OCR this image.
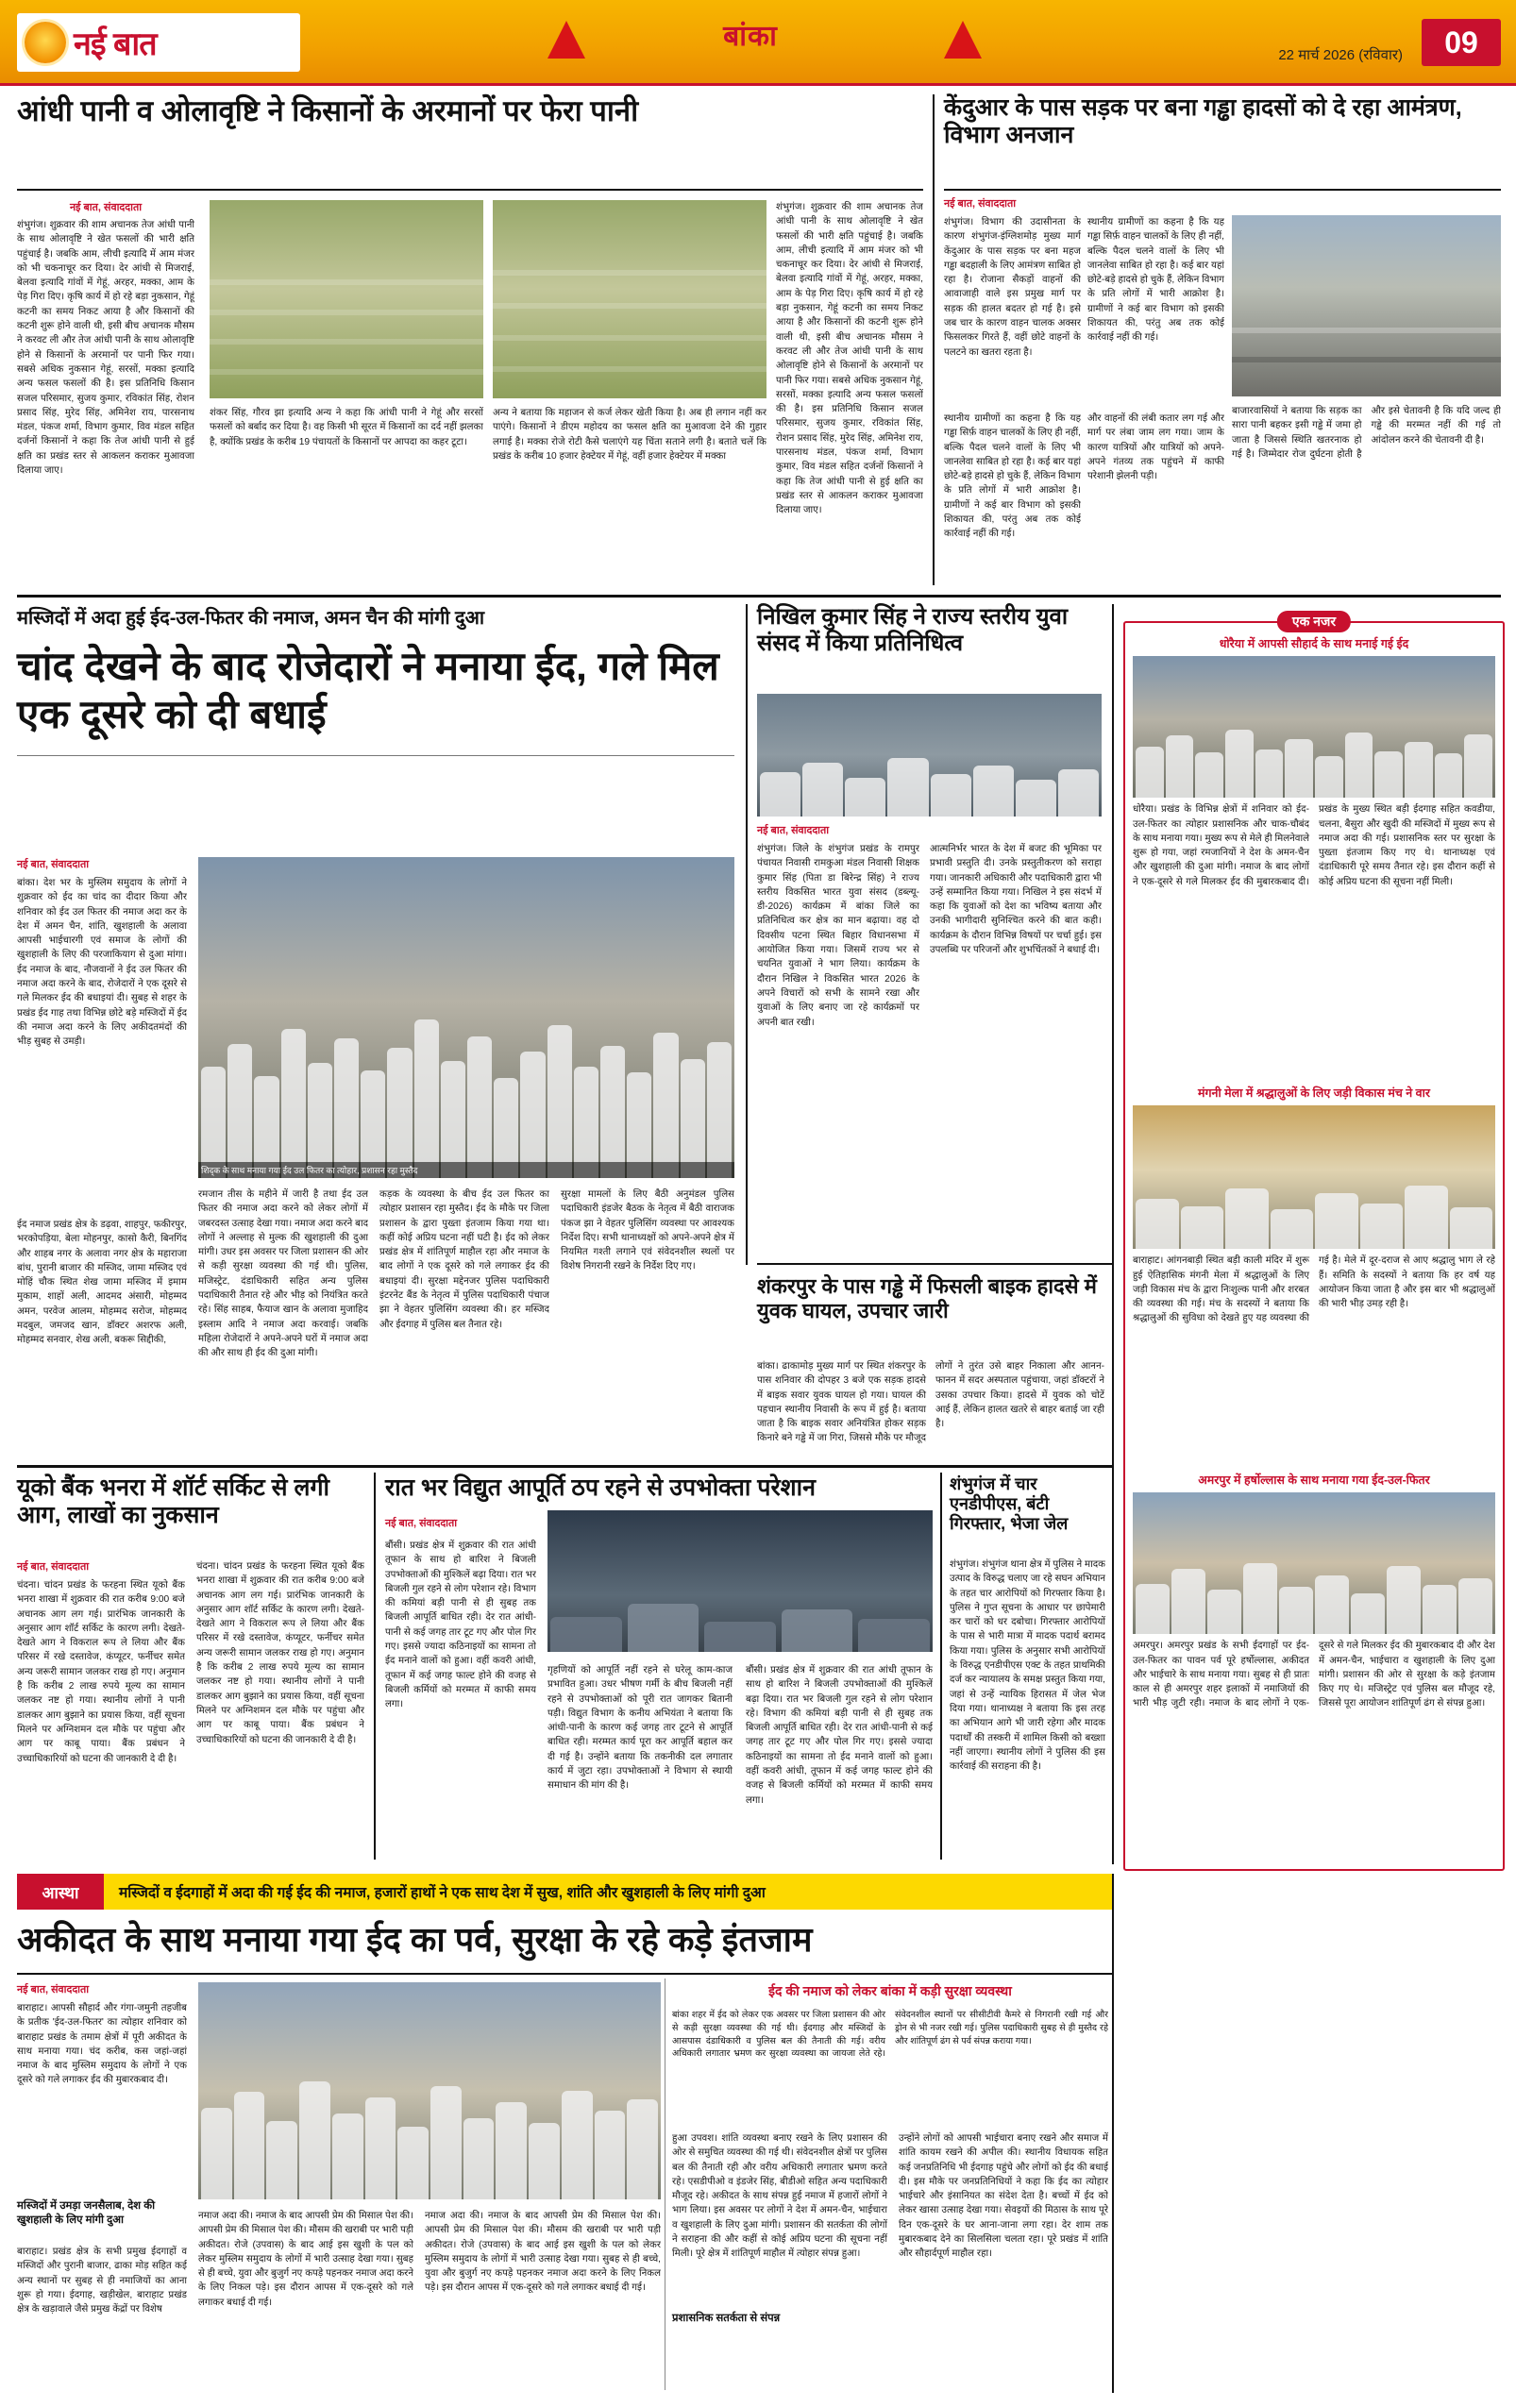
नई बात	बांका
22 मार्च 2026 (रविवार)	09
आंधी पानी व ओलावृष्टि ने किसानों के अरमानों पर फेरा पानी
नई बात, संवाददाता
शंभुगंज। शुक्रवार की शाम अचानक तेज आंधी पानी के साथ ओलावृष्टि ने खेत फसलों की भारी क्षति पहुंचाई है। जबकि आम, लीची इत्यादि में आम मंजर को भी चकनाचूर कर दिया। देर आंधी से मिजराई, बेलवा इत्यादि गांवों में गेहूं, अरहर, मक्का, आम के पेड़ गिरा दिए। कृषि कार्य में हो रहे बड़ा नुकसान, गेहूं कटनी का समय निकट आया है और किसानों की कटनी शुरू होने वाली थी, इसी बीच अचानक मौसम ने करवट ली और तेज आंधी पानी के साथ ओलावृष्टि होने से किसानों के अरमानों पर पानी फिर गया। सबसे अधिक नुकसान गेहूं, सरसों, मक्का इत्यादि अन्य फसल फसलों की है। इस प्रतिनिधि किसान सजल परिसमार, सुजय कुमार, रविकांत सिंह, रोशन प्रसाद सिंह, मुरेद सिंह, अमिनेश राय, पारसनाथ मंडल, पंकज शर्मा, विभाग कुमार, विव मंडल सहित दर्जनों किसानों ने कहा कि तेज आंधी पानी से हुई क्षति का प्रखंड स्तर से आकलन कराकर मुआवजा दिलाया जाए।
शंकर सिंह, गौरव झा इत्यादि अन्य ने कहा कि आंधी पानी ने गेहूं और सरसों फसलों को बर्बाद कर दिया है। वह किसी भी सूरत में किसानों का दर्द नहीं झलका है, क्योंकि प्रखंड के करीब 19 पंचायतों के किसानों पर आपदा का कहर टूटा।
अन्य ने बताया कि महाजन से कर्ज लेकर खेती किया है। अब ही लगान नहीं कर पाएंगे। किसानों ने डीएम महोदय का फसल क्षति का मुआवजा देने की गुहार लगाई है। मक्का रोजे रोटी कैसे चलाएंगे यह चिंता सताने लगी है। बताते चलें कि प्रखंड के करीब 10 हजार हेक्टेयर में गेहूं, वहीं हजार हेक्टेयर में मक्का
शंभुगंज। शुक्रवार की शाम अचानक तेज आंधी पानी के साथ ओलावृष्टि ने खेत फसलों की भारी क्षति पहुंचाई है। जबकि आम, लीची इत्यादि में आम मंजर को भी चकनाचूर कर दिया। देर आंधी से मिजराई, बेलवा इत्यादि गांवों में गेहूं, अरहर, मक्का, आम के पेड़ गिरा दिए। कृषि कार्य में हो रहे बड़ा नुकसान, गेहूं कटनी का समय निकट आया है और किसानों की कटनी शुरू होने वाली थी, इसी बीच अचानक मौसम ने करवट ली और तेज आंधी पानी के साथ ओलावृष्टि होने से किसानों के अरमानों पर पानी फिर गया। सबसे अधिक नुकसान गेहूं, सरसों, मक्का इत्यादि अन्य फसल फसलों की है। इस प्रतिनिधि किसान सजल परिसमार, सुजय कुमार, रविकांत सिंह, रोशन प्रसाद सिंह, मुरेद सिंह, अमिनेश राय, पारसनाथ मंडल, पंकज शर्मा, विभाग कुमार, विव मंडल सहित दर्जनों किसानों ने कहा कि तेज आंधी पानी से हुई क्षति का प्रखंड स्तर से आकलन कराकर मुआवजा दिलाया जाए।
केंदुआर के पास सड़क पर बना गड्ढा हादसों को दे रहा आमंत्रण, विभाग अनजान
नई बात, संवाददाता
शंभुगंज। विभाग की उदासीनता के कारण शंभुगंज-इंग्लिशमोड़ मुख्य मार्ग केंदुआर के पास सड़क पर बना महज गड्ढा बदहाली के लिए आमंत्रण साबित हो रहा है। रोजाना सैकड़ों वाहनों की आवाजाही वाले इस प्रमुख मार्ग पर सड़क की हालत बदतर हो गई है। इसे जब चार के कारण वाहन चालक अक्सर फिसलकर गिरते हैं, वहीं छोटे वाहनों के पलटने का खतरा रहता है।
स्थानीय ग्रामीणों का कहना है कि यह गड्ढा सिर्फ़ वाहन चालकों के लिए ही नहीं, बल्कि पैदल चलने वालों के लिए भी जानलेवा साबित हो रहा है। कई बार यहां छोटे-बड़े हादसे हो चुके हैं, लेकिन विभाग के प्रति लोगों में भारी आक्रोश है। ग्रामीणों ने कई बार विभाग को इसकी शिकायत की, परंतु अब तक कोई कार्रवाई नहीं की गई।
स्थानीय ग्रामीणों का कहना है कि यह गड्ढा सिर्फ़ वाहन चालकों के लिए ही नहीं, बल्कि पैदल चलने वालों के लिए भी जानलेवा साबित हो रहा है। कई बार यहां छोटे-बड़े हादसे हो चुके हैं, लेकिन विभाग के प्रति लोगों में भारी आक्रोश है। ग्रामीणों ने कई बार विभाग को इसकी शिकायत की, परंतु अब तक कोई कार्रवाई नहीं की गई।
और वाहनों की लंबी कतार लग गई और मार्ग पर लंबा जाम लग गया। जाम के कारण यात्रियों और यात्रियों को अपने-अपने गंतव्य तक पहुंचने में काफी परेशानी झेलनी पड़ी।
बाजारवासियों ने बताया कि सड़क का सारा पानी बहकर इसी गड्ढे में जमा हो जाता है जिससे स्थिति खतरनाक हो गई है। जिम्मेदार रोज दुर्घटना होती है और इसे चेतावनी है कि यदि जल्द ही गड्ढे की मरम्मत नहीं की गई तो आंदोलन करने की चेतावनी दी है।
मस्जिदों में अदा हुई ईद-उल-फितर की नमाज, अमन चैन की मांगी दुआ
चांद देखने के बाद रोजेदारों ने मनाया ईद, गले मिल एक दूसरे को दी बधाई
नई बात, संवाददाता
बांका। देश भर के मुस्लिम समुदाय के लोगों ने शुक्रवार को ईद का चांद का दीदार किया और शनिवार को ईद उल फितर की नमाज अदा कर के देश में अमन चैन, शांति, खुशहाली के अलावा आपसी भाईचारगी एवं समाज के लोगों की खुशहाली के लिए की परजाकियाग से दुआ मांगा। ईद नमाज के बाद, नौजवानों ने ईद उल फितर की नमाज अदा करने के बाद, रोजेदारों ने एक दूसरे से गले मिलकर ईद की बधाइयां दी। सुबह से शहर के प्रखंड ईद गाह तथा विभिन्न छोटे बड़े मस्जिदों में ईद की नमाज अदा करने के लिए अकीदतमंदों की भीड़ सुबह से उमड़ी।
शिद्क के साथ मनाया गया ईद उल फितर का त्योहार, प्रशासन रहा मुस्तैद
ईद नमाज प्रखंड क्षेत्र के डढ़वा, शाहपुर, फकीरपुर, भरकोपड़िया, बेला मोहनपुर, कासो कैरी, बिनगिंद और शाहब नगर के अलावा नगर क्षेत्र के महाराजा बांध, पुरानी बाजार की मस्जिद, जामा मस्जिद एवं मोहिं चौक स्थित शेख जामा मस्जिद में इमाम मुकाम, शाहों अली, आदमद अंसारी, मोहम्मद अमन, परवेज आलम, मोहम्मद सरोज, मोहम्मद मदबुल, जमजद खान, डॉक्टर अशरफ अली, मोहम्मद सनवार, शेख अली, बकरू सिद्दीकी,
रमजान तीस के महीने में जारी है तथा ईद उल फितर की नमाज अदा करने को लेकर लोगों में जबरदस्त उत्साह देखा गया। नमाज अदा करने बाद लोगों ने अल्लाह से मुल्क की खुशहाली की दुआ मांगी। उधर इस अवसर पर जिला प्रशासन की ओर से कड़ी सुरक्षा व्यवस्था की गई थी। पुलिस, मजिस्ट्रेट, दंडाधिकारी सहित अन्य पुलिस पदाधिकारी तैनात रहे और भीड़ को नियंत्रित करते रहे। सिंह साहब, फैयाज खान के अलावा मुजाहिद इस्लाम आदि ने नमाज अदा करवाई। जबकि महिला रोजेदारों ने अपने-अपने घरों में नमाज अदा की और साथ ही ईद की दुआ मांगी।
कड़क के व्यवस्था के बीच ईद उल फितर का त्योहार प्रशासन रहा मुस्तैद। ईद के मौके पर जिला प्रशासन के द्वारा पुख्ता इंतजाम किया गया था। कहीं कोई अप्रिय घटना नहीं घटी है। ईद को लेकर प्रखंड क्षेत्र में शांतिपूर्ण माहौल रहा और नमाज के बाद लोगों ने एक दूसरे को गले लगाकर ईद की बधाइयां दी। सुरक्षा मद्देनजर पुलिस पदाधिकारी इंटरनेट बैंड के नेतृत्व में पुलिस पदाधिकारी पंचाज झा ने वेहतर पुलिसिंग व्यवस्था की। हर मस्जिद और ईदगाह में पुलिस बल तैनात रहे।
सुरक्षा मामलों के लिए बैठी अनुमंडल पुलिस पदाधिकारी इंडजेर बैठक के नेतृत्व में बैठी वाराजक पंकज झा ने वेहतर पुलिसिंग व्यवस्था पर आवश्यक निर्देश दिए। सभी थानाध्यक्षों को अपने-अपने क्षेत्र में नियमित गश्ती लगाने एवं संवेदनशील स्थलों पर विशेष निगरानी रखने के निर्देश दिए गए।
निखिल कुमार सिंह ने राज्य स्तरीय युवा संसद में किया प्रतिनिधित्व
नई बात, संवाददाता
शंभुगंज। जिले के शंभुगंज प्रखंड के रामपुर पंचायत निवासी रामकुआ मंडल निवासी शिक्षक कुमार सिंह (पिता डा बिरेन्द्र सिंह) ने राज्य स्तरीय विकसित भारत युवा संसद (डब्ल्यू-डी-2026) कार्यक्रम में बांका जिले का प्रतिनिधित्व कर क्षेत्र का मान बढ़ाया। वह दो दिवसीय पटना स्थित बिहार विधानसभा में आयोजित किया गया। जिसमें राज्य भर से चयनित युवाओं ने भाग लिया। कार्यक्रम के दौरान निखिल ने विकसित भारत 2026 के अपने विचारों को सभी के सामने रखा और युवाओं के लिए बनाए जा रहे कार्यक्रमों पर अपनी बात रखी।
आत्मनिर्भर भारत के देश में बजट की भूमिका पर प्रभावी प्रस्तुति दी। उनके प्रस्तुतीकरण को सराहा गया। जानकारी अधिकारी और पदाधिकारी द्वारा भी उन्हें सम्मानित किया गया। निखिल ने इस संदर्भ में कहा कि युवाओं को देश का भविष्य बताया और उनकी भागीदारी सुनिश्चित करने की बात कही। कार्यक्रम के दौरान विभिन्न विषयों पर चर्चा हुई। इस उपलब्धि पर परिजनों और शुभचिंतकों ने बधाई दी।
एक नजर
धोरैया में आपसी सौहार्द के साथ मनाई गई ईद
धोरैया। प्रखंड के विभिन्न क्षेत्रों में शनिवार को ईद-उल-फितर का त्योहार प्रशासनिक और चाक-चौबंद के साथ मनाया गया। मुख्य रूप से मेले ही मिलनेवाले शुरू हो गया, जहां रमजानियों ने देश के अमन-चैन और खुशहाली की दुआ मांगी। नमाज के बाद लोगों ने एक-दूसरे से गले मिलकर ईद की मुबारकबाद दी। प्रखंड के मुख्य स्थित बड़ी ईदगाह सहित कवडीया, चलना, बैसुरा और खुदी की मस्जिदों में मुख्य रूप से नमाज अदा की गई। प्रशासनिक स्तर पर सुरक्षा के पुख्ता इंतजाम किए गए थे। थानाध्यक्ष एवं दंडाधिकारी पूरे समय तैनात रहे। इस दौरान कहीं से कोई अप्रिय घटना की सूचना नहीं मिली।
मंगनी मेला में श्रद्धालुओं के लिए जड़ी विकास मंच ने वार
बाराहाट। आंगनबाड़ी स्थित बड़ी काली मंदिर में शुरू हुई ऐतिहासिक मंगनी मेला में श्रद्धालुओं के लिए जड़ी विकास मंच के द्वारा निःशुल्क पानी और शरबत की व्यवस्था की गई। मंच के सदस्यों ने बताया कि श्रद्धालुओं की सुविधा को देखते हुए यह व्यवस्था की गई है। मेले में दूर-दराज से आए श्रद्धालु भाग ले रहे हैं। समिति के सदस्यों ने बताया कि हर वर्ष यह आयोजन किया जाता है और इस बार भी श्रद्धालुओं की भारी भीड़ उमड़ रही है।
अमरपुर में हर्षोल्लास के साथ मनाया गया ईद-उल-फितर
अमरपुर। अमरपुर प्रखंड के सभी ईदगाहों पर ईद-उल-फितर का पावन पर्व पूरे हर्षोल्लास, अकीदत और भाईचारे के साथ मनाया गया। सुबह से ही प्रातः काल से ही अमरपुर शहर इलाकों में नमाजियों की भारी भीड़ जुटी रही। नमाज के बाद लोगों ने एक-दूसरे से गले मिलकर ईद की मुबारकबाद दी और देश में अमन-चैन, भाईचारा व खुशहाली के लिए दुआ मांगी। प्रशासन की ओर से सुरक्षा के कड़े इंतजाम किए गए थे। मजिस्ट्रेट एवं पुलिस बल मौजूद रहे, जिससे पूरा आयोजन शांतिपूर्ण ढंग से संपन्न हुआ।
शंकरपुर के पास गड्ढे में फिसली बाइक हादसे में युवक घायल, उपचार जारी
बांका। ढाकामोड़ मुख्य मार्ग पर स्थित शंकरपुर के पास शनिवार की दोपहर 3 बजे एक सड़क हादसे में बाइक सवार युवक घायल हो गया। घायल की पहचान स्थानीय निवासी के रूप में हुई है। बताया जाता है कि बाइक सवार अनियंत्रित होकर सड़क किनारे बने गड्ढे में जा गिरा, जिससे मौके पर मौजूद लोगों ने तुरंत उसे बाहर निकाला और आनन-फानन में सदर अस्पताल पहुंचाया, जहां डॉक्टरों ने उसका उपचार किया। हादसे में युवक को चोटें आई हैं, लेकिन हालत खतरे से बाहर बताई जा रही है।
यूको बैंक भनरा में शॉर्ट सर्किट से लगी आग, लाखों का नुकसान
नई बात, संवाददाता
चंदना। चांदन प्रखंड के फरहना स्थित यूको बैंक भनरा शाखा में शुक्रवार की रात करीब 9:00 बजे अचानक आग लग गई। प्रारंभिक जानकारी के अनुसार आग शॉर्ट सर्किट के कारण लगी। देखते-देखते आग ने विकराल रूप ले लिया और बैंक परिसर में रखे दस्तावेज, कंप्यूटर, फर्नीचर समेत अन्य जरूरी सामान जलकर राख हो गए। अनुमान है कि करीब 2 लाख रुपये मूल्य का सामान जलकर नष्ट हो गया। स्थानीय लोगों ने पानी डालकर आग बुझाने का प्रयास किया, वहीं सूचना मिलने पर अग्निशमन दल मौके पर पहुंचा और आग पर काबू पाया। बैंक प्रबंधन ने उच्चाधिकारियों को घटना की जानकारी दे दी है।
चंदना। चांदन प्रखंड के फरहना स्थित यूको बैंक भनरा शाखा में शुक्रवार की रात करीब 9:00 बजे अचानक आग लग गई। प्रारंभिक जानकारी के अनुसार आग शॉर्ट सर्किट के कारण लगी। देखते-देखते आग ने विकराल रूप ले लिया और बैंक परिसर में रखे दस्तावेज, कंप्यूटर, फर्नीचर समेत अन्य जरूरी सामान जलकर राख हो गए। अनुमान है कि करीब 2 लाख रुपये मूल्य का सामान जलकर नष्ट हो गया। स्थानीय लोगों ने पानी डालकर आग बुझाने का प्रयास किया, वहीं सूचना मिलने पर अग्निशमन दल मौके पर पहुंचा और आग पर काबू पाया। बैंक प्रबंधन ने उच्चाधिकारियों को घटना की जानकारी दे दी है।
रात भर विद्युत आपूर्ति ठप रहने से उपभोक्ता परेशान
नई बात, संवाददाता
बौंसी। प्रखंड क्षेत्र में शुक्रवार की रात आंधी तूफान के साथ हो बारिश ने बिजली उपभोक्ताओं की मुश्किलें बढ़ा दिया। रात भर बिजली गुल रहने से लोग परेशान रहे। विभाग की कमियां बड़ी पानी से ही सुबह तक बिजली आपूर्ति बाधित रही। देर रात आंधी-पानी से कई जगह तार टूट गए और पोल गिर गए। इससे ज्यादा कठिनाइयों का सामना तो ईद मनाने वालों को हुआ। वहीं कवरी आंधी, तूफान में कई जगह फाल्ट होने की वजह से बिजली कर्मियों को मरम्मत में काफी समय लगा।
गृहणियों को आपूर्ति नहीं रहने से घरेलू काम-काज प्रभावित हुआ। उधर भीषण गर्मी के बीच बिजली नहीं रहने से उपभोक्ताओं को पूरी रात जागकर बितानी पड़ी। विद्युत विभाग के कनीय अभियंता ने बताया कि आंधी-पानी के कारण कई जगह तार टूटने से आपूर्ति बाधित रही। मरम्मत कार्य पूरा कर आपूर्ति बहाल कर दी गई है। उन्होंने बताया कि तकनीकी दल लगातार कार्य में जुटा रहा। उपभोक्ताओं ने विभाग से स्थायी समाधान की मांग की है।
बौंसी। प्रखंड क्षेत्र में शुक्रवार की रात आंधी तूफान के साथ हो बारिश ने बिजली उपभोक्ताओं की मुश्किलें बढ़ा दिया। रात भर बिजली गुल रहने से लोग परेशान रहे। विभाग की कमियां बड़ी पानी से ही सुबह तक बिजली आपूर्ति बाधित रही। देर रात आंधी-पानी से कई जगह तार टूट गए और पोल गिर गए। इससे ज्यादा कठिनाइयों का सामना तो ईद मनाने वालों को हुआ। वहीं कवरी आंधी, तूफान में कई जगह फाल्ट होने की वजह से बिजली कर्मियों को मरम्मत में काफी समय लगा।
शंभुगंज में चार एनडीपीएस, बंटी गिरफ्तार, भेजा जेल
शंभुगंज। शंभुगंज थाना क्षेत्र में पुलिस ने मादक उत्पाद के विरुद्ध चलाए जा रहे सघन अभियान के तहत चार आरोपियों को गिरफ्तार किया है। पुलिस ने गुप्त सूचना के आधार पर छापेमारी कर चारों को धर दबोचा। गिरफ्तार आरोपियों के पास से भारी मात्रा में मादक पदार्थ बरामद किया गया। पुलिस के अनुसार सभी आरोपियों के विरुद्ध एनडीपीएस एक्ट के तहत प्राथमिकी दर्ज कर न्यायालय के समक्ष प्रस्तुत किया गया, जहां से उन्हें न्यायिक हिरासत में जेल भेज दिया गया। थानाध्यक्ष ने बताया कि इस तरह का अभियान आगे भी जारी रहेगा और मादक पदार्थों की तस्करी में शामिल किसी को बख्शा नहीं जाएगा। स्थानीय लोगों ने पुलिस की इस कार्रवाई की सराहना की है।
आस्था	मस्जिदों व ईदगाहों में अदा की गई ईद की नमाज, हजारों हाथों ने एक साथ देश में सुख, शांति और खुशहाली के लिए मांगी दुआ
अकीदत के साथ मनाया गया ईद का पर्व, सुरक्षा के रहे कड़े इंतजाम
नई बात, संवाददाता
बाराहाट। आपसी सौहार्द और गंगा-जमुनी तहजीब के प्रतीक 'ईद-उल-फितर' का त्योहार शनिवार को बाराहाट प्रखंड के तमाम क्षेत्रों में पूरी अकीदत के साथ मनाया गया। चंद करीब, कस जहां-जहां नमाज के बाद मुस्लिम समुदाय के लोगों ने एक दूसरे को गले लगाकर ईद की मुबारकबाद दी।
मस्जिदों में उमड़ा जनसैलाब, देश की खुशहाली के लिए मांगी दुआ
बाराहाट। प्रखंड क्षेत्र के सभी प्रमुख ईदगाहों व मस्जिदों और पुरानी बाजार, ढाका मोड़ सहित कई अन्य स्थानों पर सुबह से ही नमाजियों का आना शुरू हो गया। ईदगाह, खड़ीखेल, बाराहाट प्रखंड क्षेत्र के खड़ावाले जैसे प्रमुख केंद्रों पर विशेष
नमाज अदा की। नमाज के बाद आपसी प्रेम की मिसाल पेश की। आपसी प्रेम की मिसाल पेश की। मौसम की खराबी पर भारी पड़ी अकीदत। रोजे (उपवास) के बाद आई इस खुशी के पल को लेकर मुस्लिम समुदाय के लोगों में भारी उत्साह देखा गया। सुबह से ही बच्चे, युवा और बुजुर्ग नए कपड़े पहनकर नमाज अदा करने के लिए निकल पड़े। इस दौरान आपस में एक-दूसरे को गले लगाकर बधाई दी गई।
नमाज अदा की। नमाज के बाद आपसी प्रेम की मिसाल पेश की। आपसी प्रेम की मिसाल पेश की। मौसम की खराबी पर भारी पड़ी अकीदत। रोजे (उपवास) के बाद आई इस खुशी के पल को लेकर मुस्लिम समुदाय के लोगों में भारी उत्साह देखा गया। सुबह से ही बच्चे, युवा और बुजुर्ग नए कपड़े पहनकर नमाज अदा करने के लिए निकल पड़े। इस दौरान आपस में एक-दूसरे को गले लगाकर बधाई दी गई।
ईद की नमाज को लेकर बांका में कड़ी सुरक्षा व्यवस्था
बांका शहर में ईद को लेकर एक अवसर पर जिला प्रशासन की ओर से कड़ी सुरक्षा व्यवस्था की गई थी। ईदगाह और मस्जिदों के आसपास दंडाधिकारी व पुलिस बल की तैनाती की गई। वरीय अधिकारी लगातार भ्रमण कर सुरक्षा व्यवस्था का जायजा लेते रहे। संवेदनशील स्थानों पर सीसीटीवी कैमरे से निगरानी रखी गई और ड्रोन से भी नजर रखी गई। पुलिस पदाधिकारी सुबह से ही मुस्तैद रहे और शांतिपूर्ण ढंग से पर्व संपन्न कराया गया।
प्रशासनिक सतर्कता से संपन्न
हुआ उपवश। शांति व्यवस्था बनाए रखने के लिए प्रशासन की ओर से समुचित व्यवस्था की गई थी। संवेदनशील क्षेत्रों पर पुलिस बल की तैनाती रही और वरीय अधिकारी लगातार भ्रमण करते रहे। एसडीपीओ व इंडजेर सिंह, बीडीओ सहित अन्य पदाधिकारी मौजूद रहे। अकीदत के साथ संपन्न हुई नमाज में हजारों लोगों ने भाग लिया। इस अवसर पर लोगों ने देश में अमन-चैन, भाईचारा व खुशहाली के लिए दुआ मांगी। प्रशासन की सतर्कता की लोगों ने सराहना की और कहीं से कोई अप्रिय घटना की सूचना नहीं मिली। पूरे क्षेत्र में शांतिपूर्ण माहौल में त्योहार संपन्न हुआ।
उन्होंने लोगों को आपसी भाईचारा बनाए रखने और समाज में शांति कायम रखने की अपील की। स्थानीय विधायक सहित कई जनप्रतिनिधि भी ईदगाह पहुंचे और लोगों को ईद की बधाई दी। इस मौके पर जनप्रतिनिधियों ने कहा कि ईद का त्योहार भाईचारे और इंसानियत का संदेश देता है। बच्चों में ईद को लेकर खासा उत्साह देखा गया। सेवइयों की मिठास के साथ पूरे दिन एक-दूसरे के घर आना-जाना लगा रहा। देर शाम तक मुबारकबाद देने का सिलसिला चलता रहा। पूरे प्रखंड में शांति और सौहार्दपूर्ण माहौल रहा।
